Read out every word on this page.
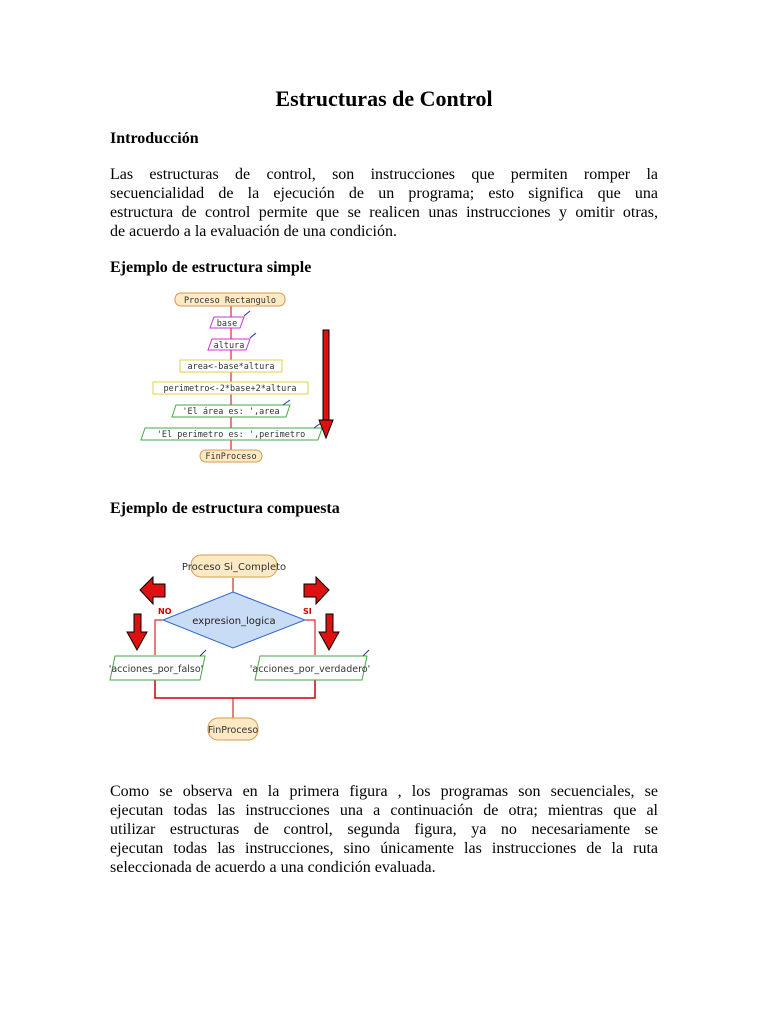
Estructuras de Control
Introducción

Las estructuras de control, son instrucciones que permiten romper la
secuencialidad de la ejecución de un programa; esto significa que una
estructura de control permite que se realicen unas instrucciones y omitir otras,
de acuerdo a la evaluación de una condición.

Ejemplo de estructura simple
Proceso Rectangulo
base
altura
area<-base*altura
perimetro<-2*base+2*altura
'El área es: ',area
'El perimetro es: ',perimetro
FinProceso
Ejemplo de estructura compuesta
Proceso Si_Completo
expresion_logica
NO	SI
'acciones_por_falso'	'acciones_por_verdadero'
FinProceso

Como se observa en la primera figura , los programas son secuenciales, se
ejecutan todas las instrucciones una a continuación de otra; mientras que al
utilizar estructuras de control, segunda figura, ya no necesariamente se
ejecutan todas las instrucciones, sino únicamente las instrucciones de la ruta
seleccionada de acuerdo a una condición evaluada.
